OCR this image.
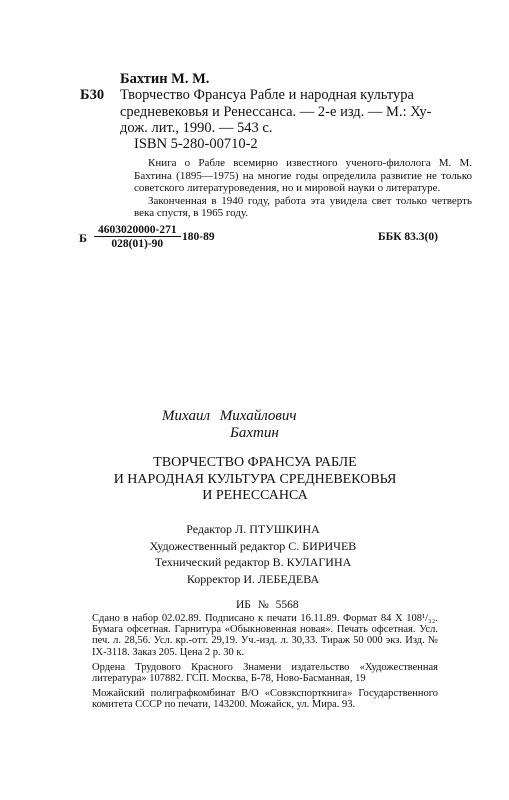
Бахтин М. М.
Б30 Творчество Франсуа Рабле и народная культура
средневековья и Ренессанса. — 2-е изд. — М.: Ху-
дож. лит., 1990. — 543 с.
ISBN 5-280-00710-2

Книга о Рабле всемирно известного ученого-филолога М. М. Бахтина (1895—1975) на многие годы определила развитие не только советского литературоведения, но и мировой науки о литературе.

Законченная в 1940 году, работа эта увидела свет только четверть века спустя, в 1965 году.

Б $\frac{4603020000-271}{028(01)-90} 180-89$	ББК 83.3(0)
Михаил Михайлович
Бахтин
ТВОРЧЕСТВО ФРАНСУА РАБЛЕ
И НАРОДНАЯ КУЛЬТУРА СРЕДНЕВЕКОВЬЯ
И РЕНЕССАНСА
Редактор Л. ПТУШКИНА
Художественный редактор С. БИРИЧЕВ
Технический редактор В. КУЛАГИНА
Корректор И. ЛЕБЕДЕВА
ИБ № 5568

Сдано в набор 02.02.89. Подписано к печати 16.11.89. Формат 84 X 108¹/₃₂. Бумага офсетная. Гарнитура «Обыкновенная новая». Печать офсетная. Усл. печ. л. 28,56. Усл. кр.-отт. 29,19. Уч.-изд. л. 30,33. Тираж 50 000 экз. Изд. № IX-3118. Заказ 205. Цена 2 р. 30 к.

Ордена Трудового Красного Знамени издательство «Художественная литература» 107882. ГСП. Москва, Б-78, Ново-Басманная, 19

Можайский полиграфкомбинат В/О «Совэкспорткнига» Государственного комитета СССР по печати, 143200. Можайск, ул. Мира. 93.
